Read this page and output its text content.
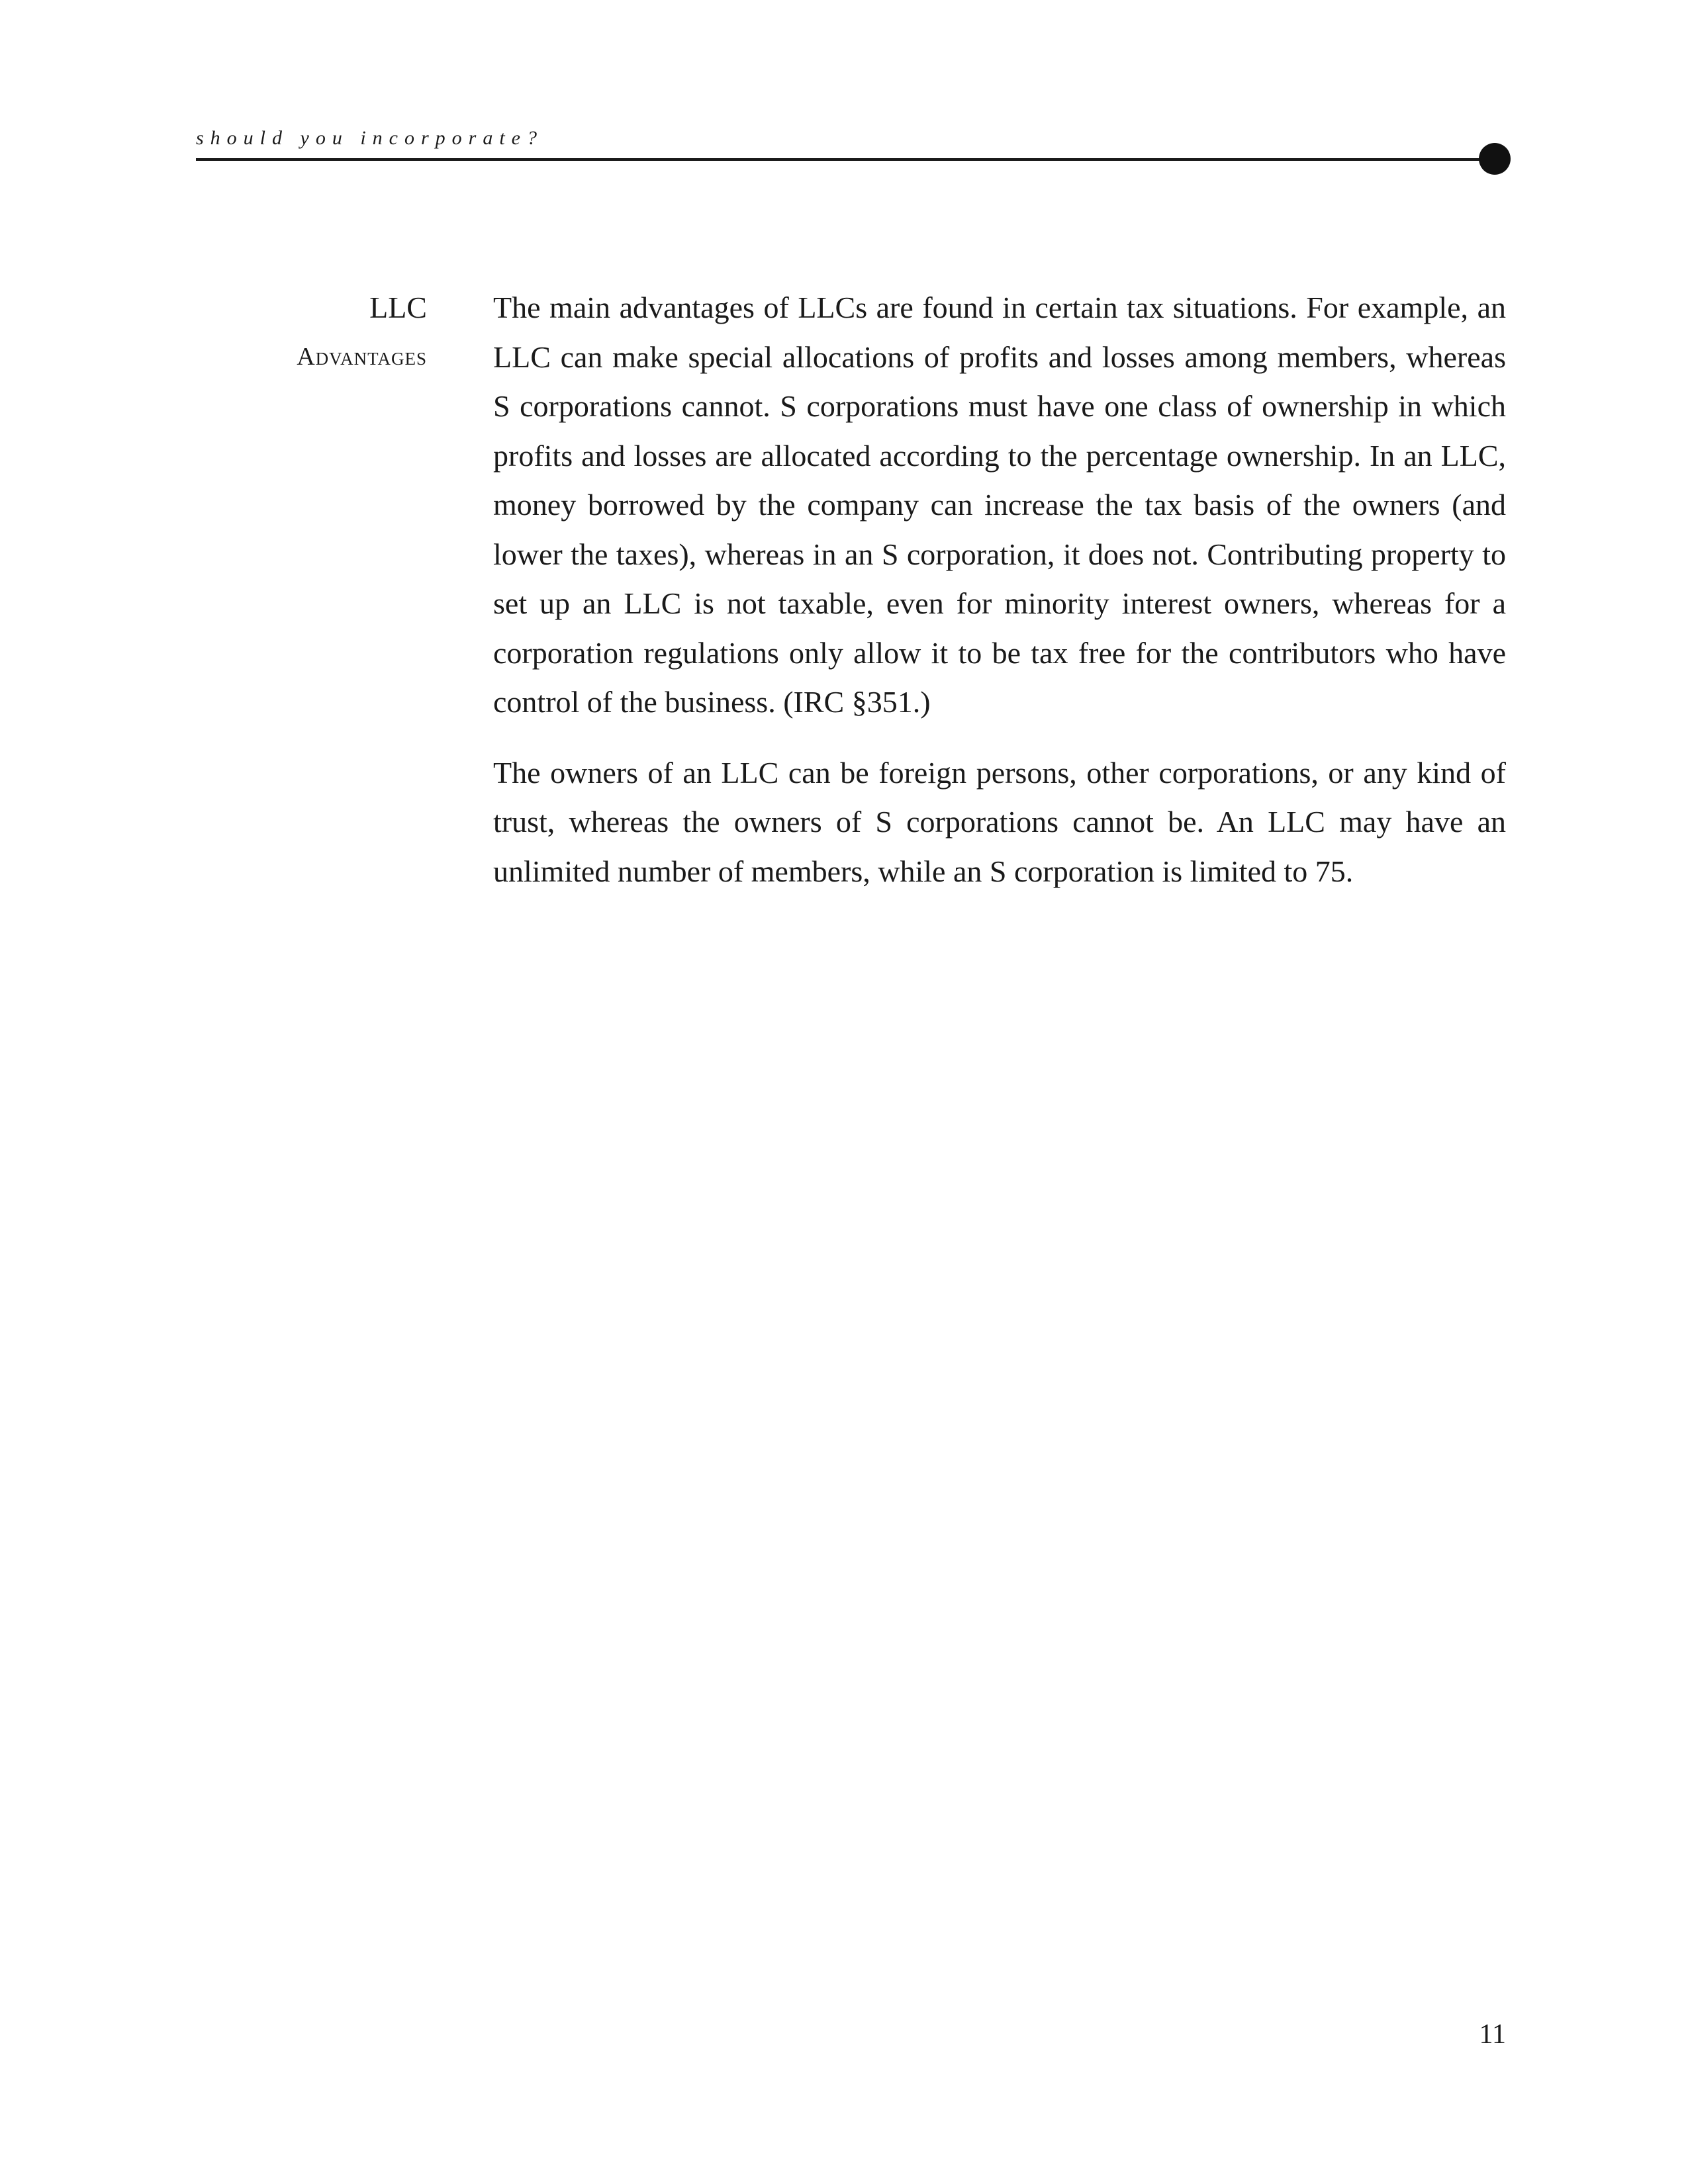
should you incorporate?
LLC
Advantages

The main advantages of LLCs are found in certain tax situations. For example, an LLC can make special allocations of profits and losses among members, whereas S corporations cannot. S corporations must have one class of ownership in which profits and losses are allocated according to the percentage ownership. In an LLC, money borrowed by the company can increase the tax basis of the owners (and lower the taxes), whereas in an S corporation, it does not. Contributing property to set up an LLC is not taxable, even for minority interest owners, whereas for a corporation regulations only allow it to be tax free for the contributors who have control of the business. (IRC §351.)

The owners of an LLC can be foreign persons, other corporations, or any kind of trust, whereas the owners of S corporations cannot be. An LLC may have an unlimited number of members, while an S corporation is limited to 75.

11
